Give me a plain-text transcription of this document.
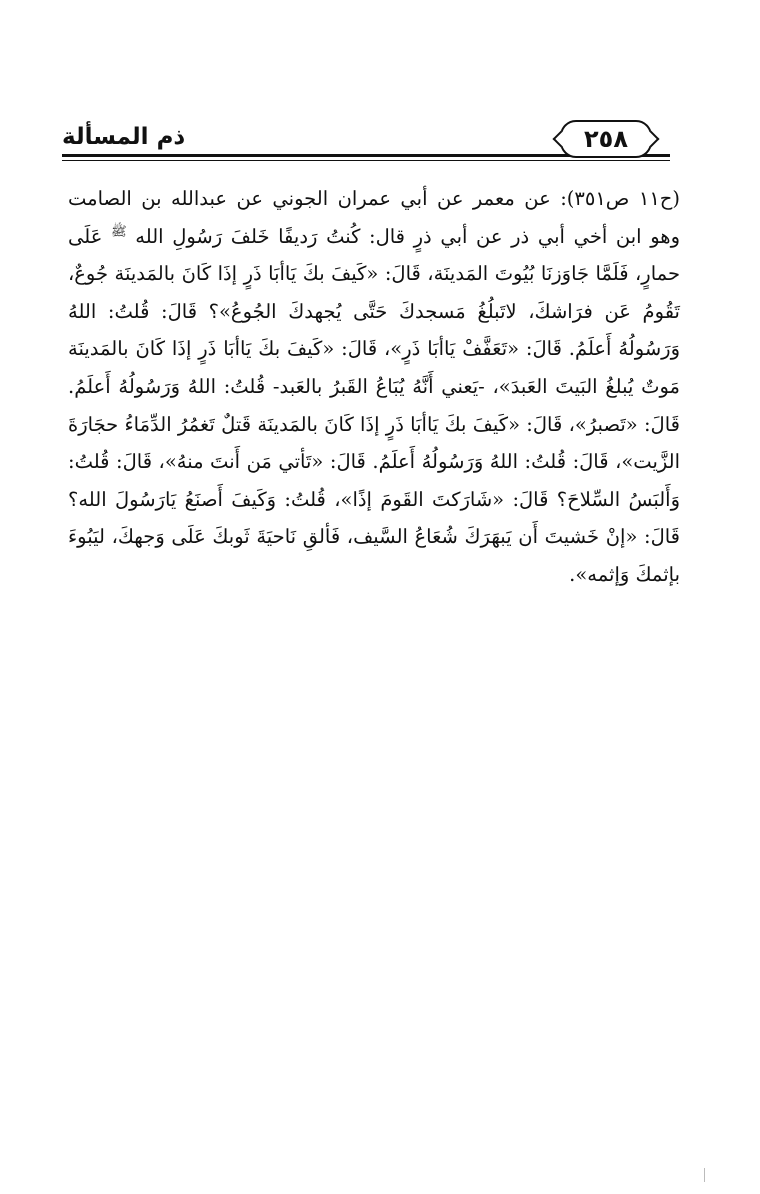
٢٥٨
ذم المسألة

(ح١١ ص٣٥١): عن معمر عن أبي عمران الجوني عن عبدالله بن الصامت وهو ابن أخي أبي ذر عن أبي ذرٍ قال: كُنتُ رَديفًا خَلفَ رَسُولِ الله $^ﷺ$ عَلَى حمارٍ، فَلَمَّا جَاوَزنَا بُيُوتَ المَدينَة، قَالَ: «كَيفَ بكَ يَاأبَا ذَرٍ إذَا كَانَ بالمَدينَة جُوعٌ، تَقُومُ عَن فرَاشكَ، لاتَبلُغُ مَسجدكَ حَتَّى يُجهدكَ الجُوعُ»؟ قَالَ: قُلتُ: اللهُ وَرَسُولُهُ أَعلَمُ. قَالَ: «تَعَفَّفْ يَاأبَا ذَرٍ»، قَالَ: «كَيفَ بكَ يَاأبَا ذَرٍ إذَا كَانَ بالمَدينَة مَوتٌ يُبلغُ البَيتَ العَبدَ»، -يَعني أَنَّهُ يُبَاعُ القَبرُ بالعَبد- قُلتُ: اللهُ وَرَسُولُهُ أَعلَمُ. قَالَ: «تَصبرُ»، قَالَ: «كَيفَ بكَ يَاأبَا ذَرٍ إذَا كَانَ بالمَدينَة قَتلٌ تَغمُرُ الدِّمَاءُ حجَارَةَ الزَّيت»، قَالَ: قُلتُ: اللهُ وَرَسُولُهُ أَعلَمُ. قَالَ: «تَأتي مَن أَنتَ منهُ»، قَالَ: قُلتُ: وَأَلبَسُ السِّلاحَ؟ قَالَ: «شَارَكتَ القَومَ إذًا»، قُلتُ: وَكَيفَ أَصنَعُ يَارَسُولَ الله؟ قَالَ: «إنْ خَشيتَ أَن يَبهَرَكَ شُعَاعُ السَّيف، فَألقِ نَاحيَةَ ثَوبكَ عَلَى وَجهكَ، ليَبُوءَ بإثمكَ وَإثمه».
